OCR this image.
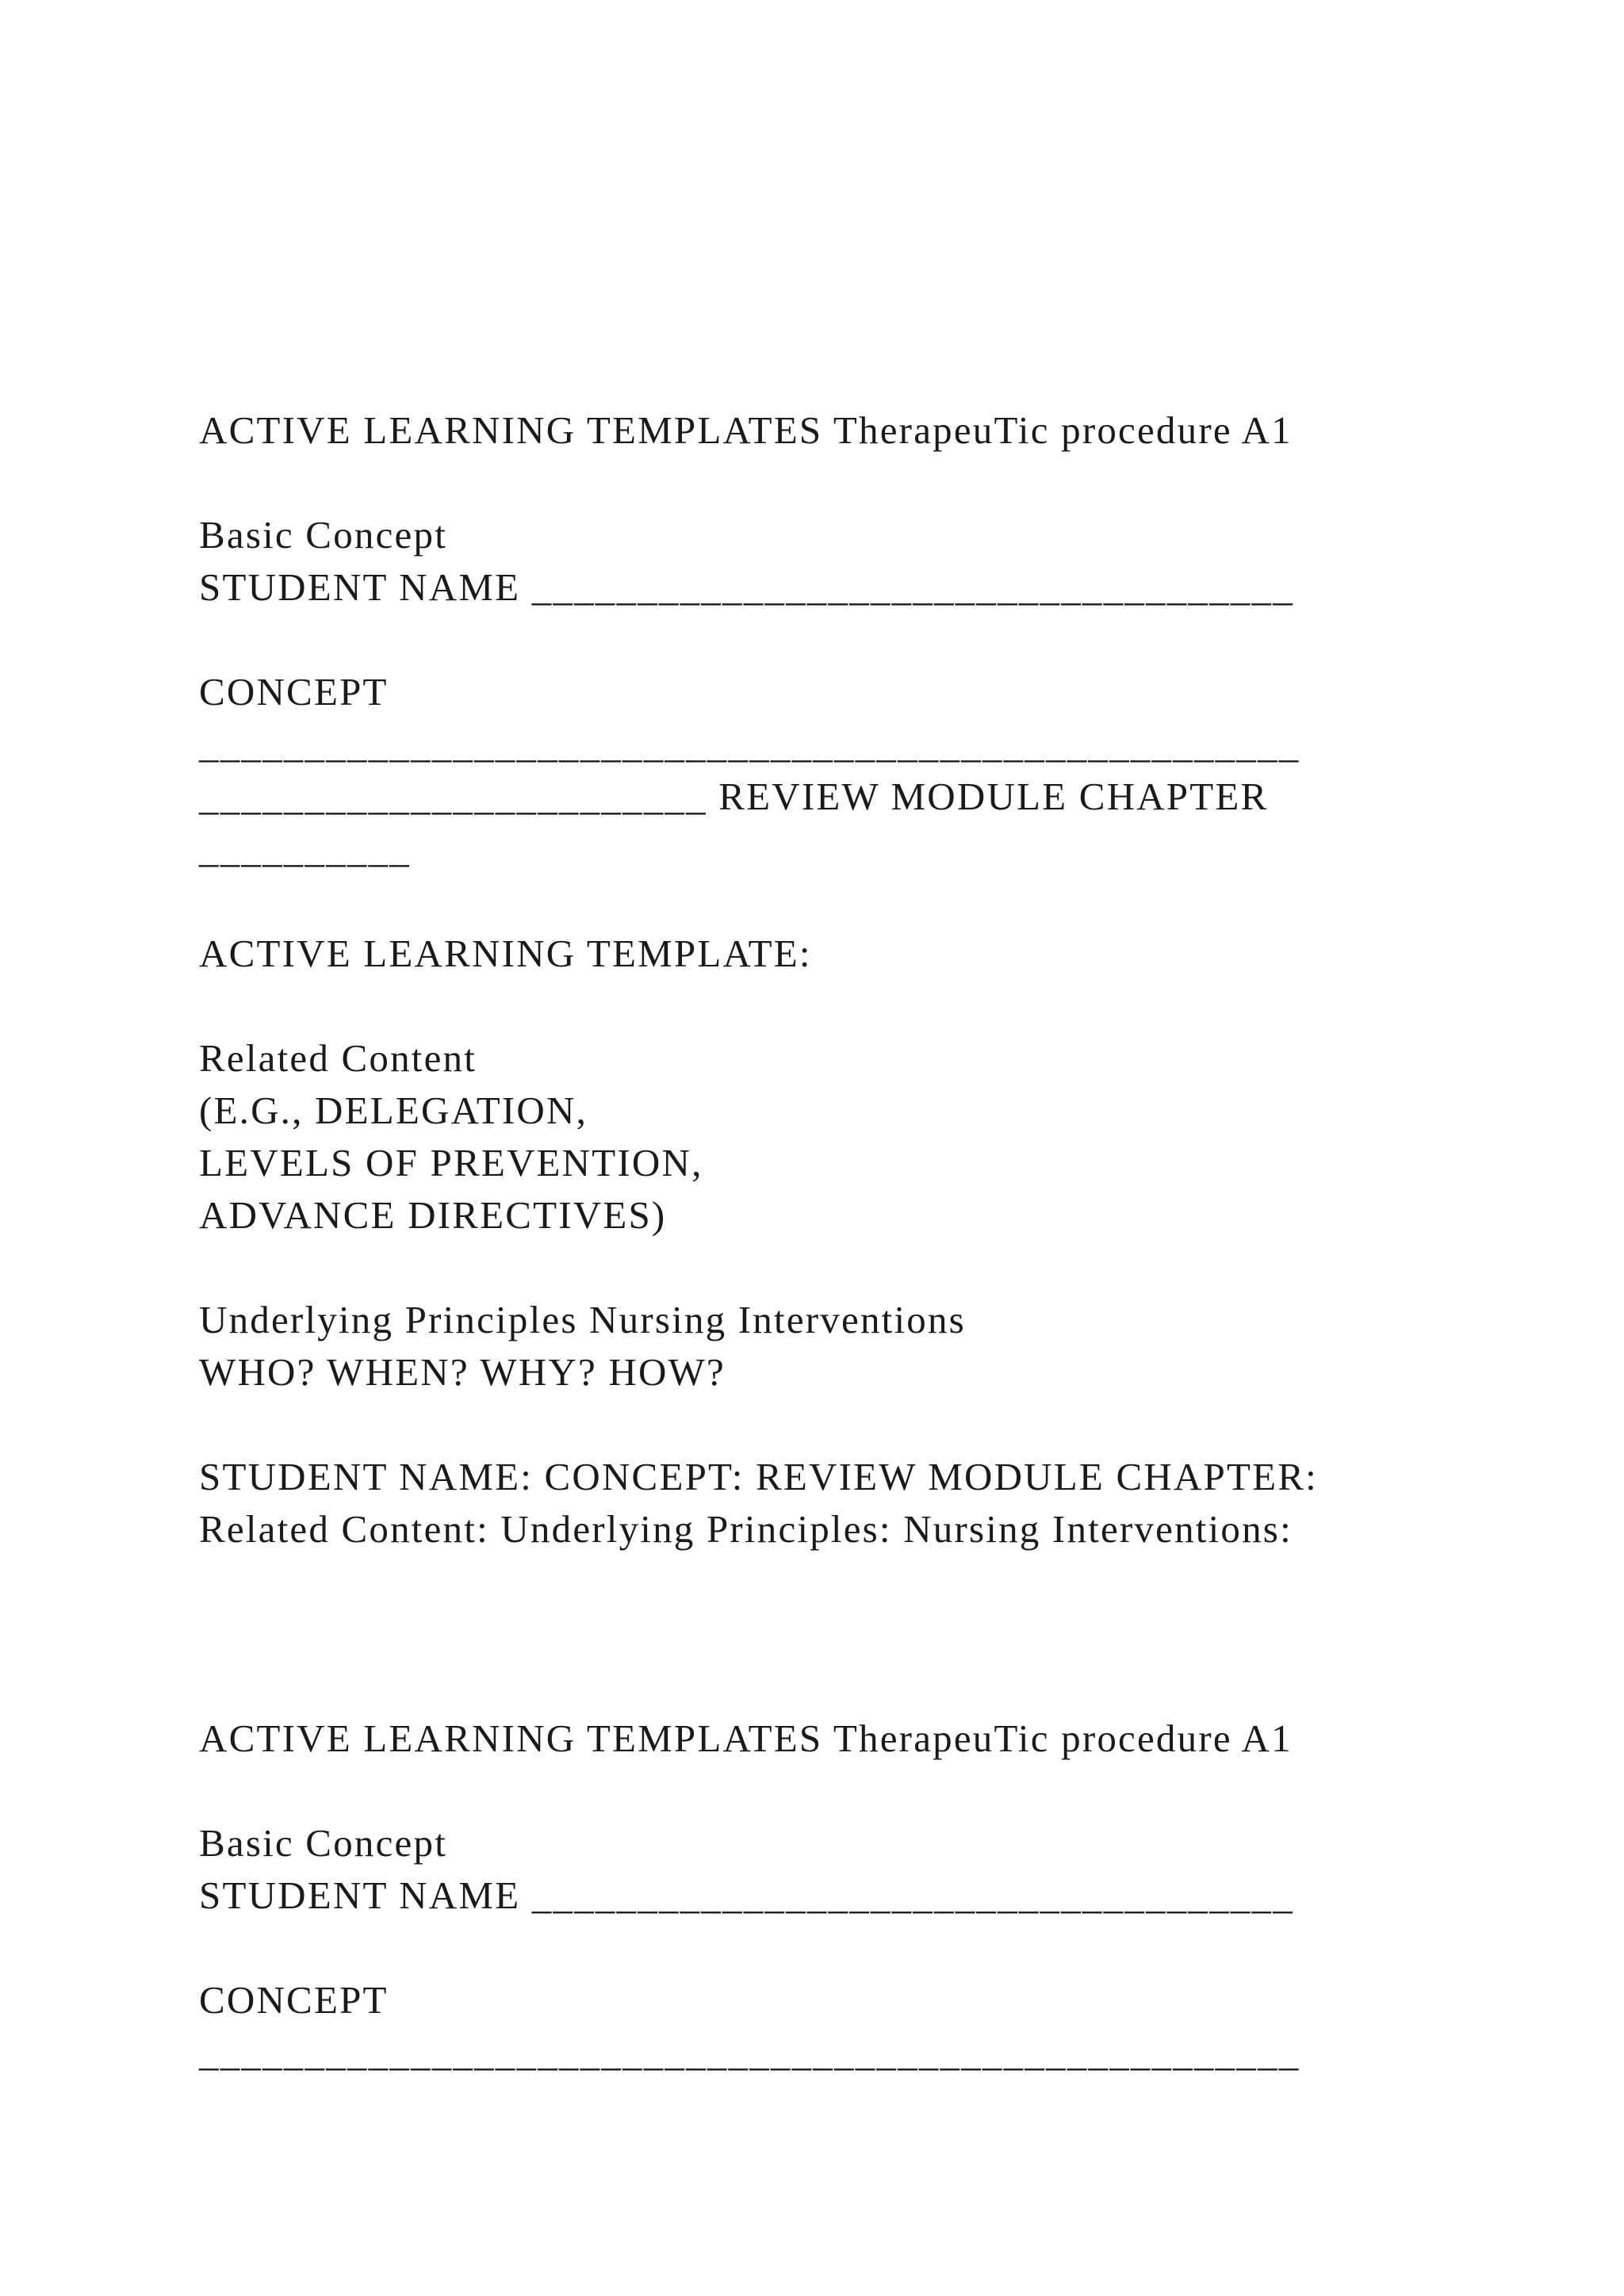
ACTIVE LEARNING TEMPLATES TherapeuTic procedure A1
Basic Concept
STUDENT NAME ____________________________________
CONCEPT
____________________________________________________
________________________ REVIEW MODULE CHAPTER
__________
ACTIVE LEARNING TEMPLATE:
Related Content
(E.G., DELEGATION,
LEVELS OF PREVENTION,
ADVANCE DIRECTIVES)
Underlying Principles Nursing Interventions
WHO? WHEN? WHY? HOW?
STUDENT NAME: CONCEPT: REVIEW MODULE CHAPTER:
Related Content: Underlying Principles: Nursing Interventions:
ACTIVE LEARNING TEMPLATES TherapeuTic procedure A1
Basic Concept
STUDENT NAME ____________________________________
CONCEPT
____________________________________________________
